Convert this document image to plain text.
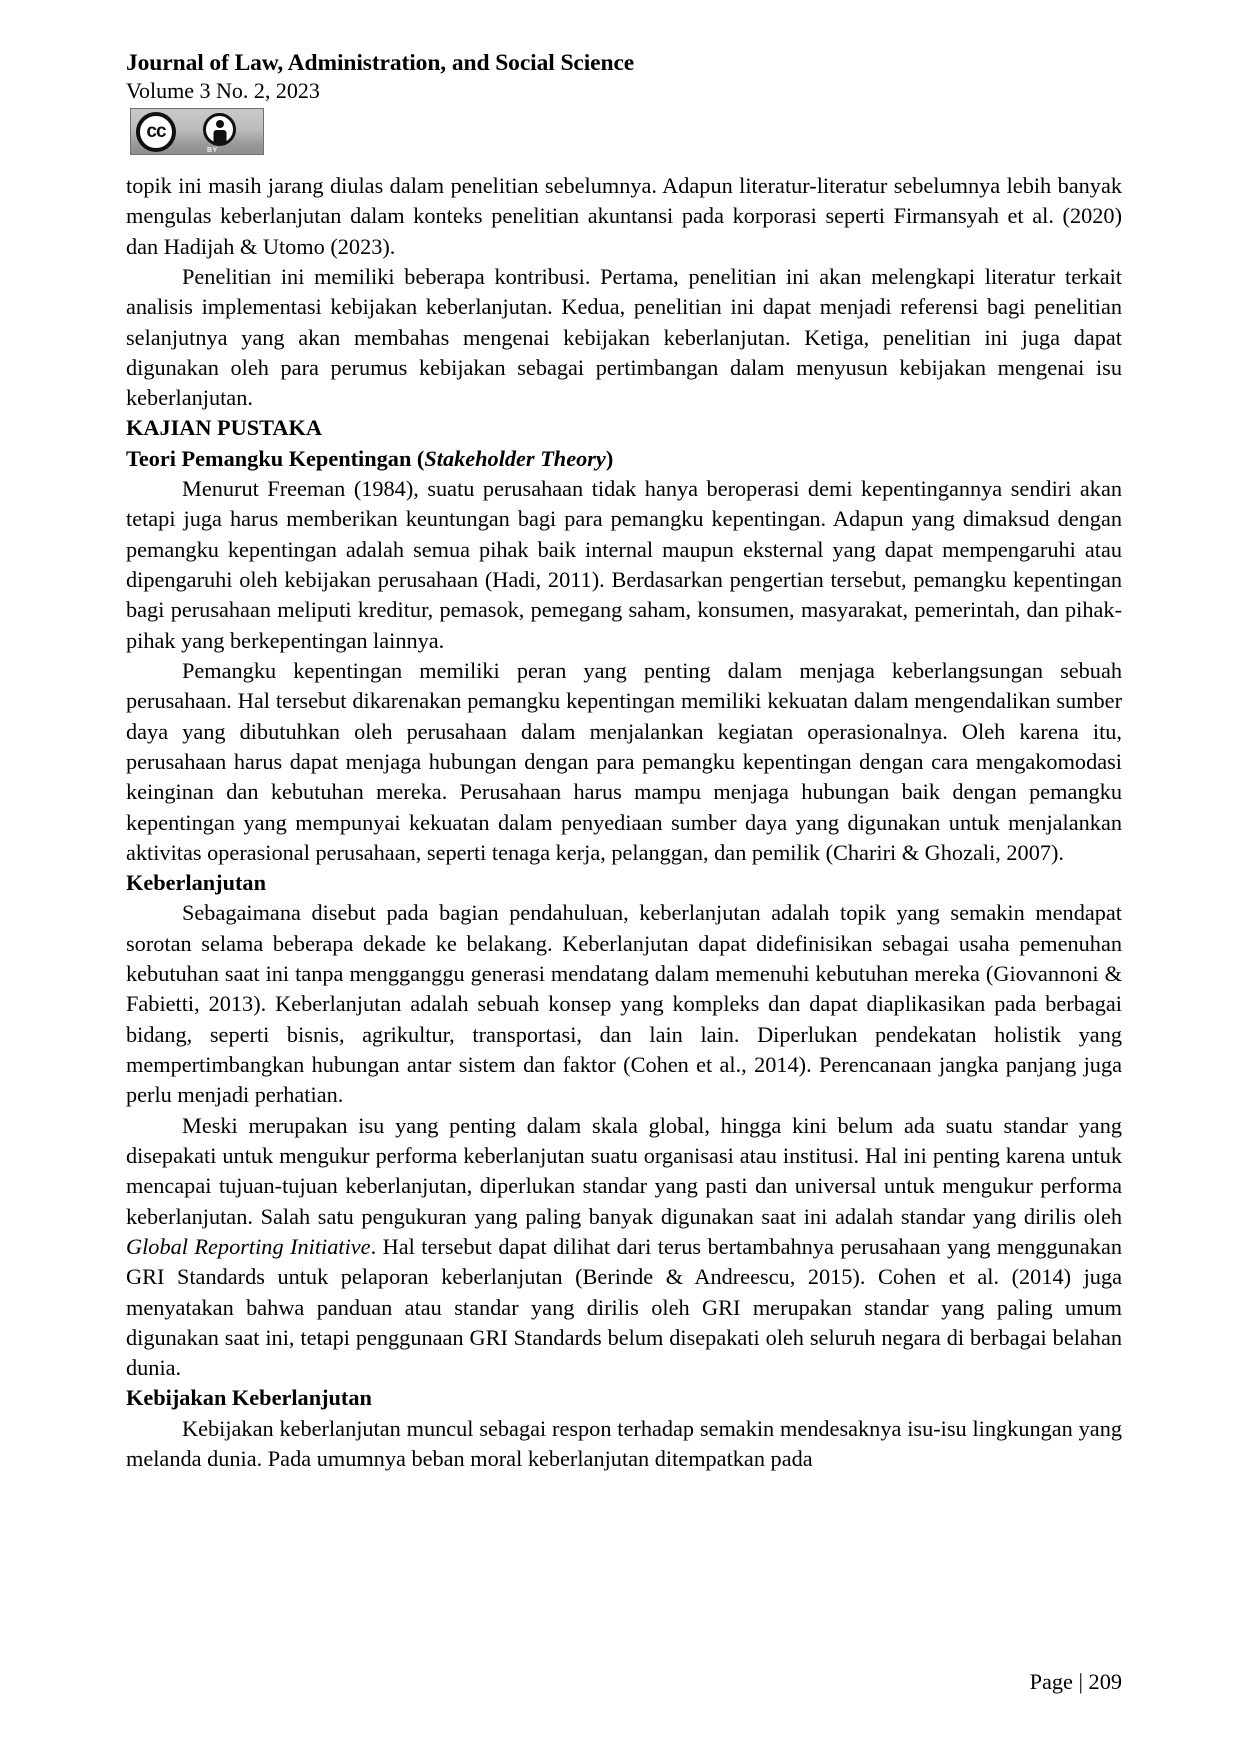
Journal of Law, Administration, and Social Science
Volume 3 No. 2, 2023
cc
BY

topik ini masih jarang diulas dalam penelitian sebelumnya. Adapun literatur-literatur sebelumnya lebih banyak mengulas keberlanjutan dalam konteks penelitian akuntansi pada korporasi seperti Firmansyah et al. (2020) dan Hadijah & Utomo (2023).

Penelitian ini memiliki beberapa kontribusi. Pertama, penelitian ini akan melengkapi literatur terkait analisis implementasi kebijakan keberlanjutan. Kedua, penelitian ini dapat menjadi referensi bagi penelitian selanjutnya yang akan membahas mengenai kebijakan keberlanjutan. Ketiga, penelitian ini juga dapat digunakan oleh para perumus kebijakan sebagai pertimbangan dalam menyusun kebijakan mengenai isu keberlanjutan.

KAJIAN PUSTAKA
Teori Pemangku Kepentingan (Stakeholder Theory)

Menurut Freeman (1984), suatu perusahaan tidak hanya beroperasi demi kepentingannya sendiri akan tetapi juga harus memberikan keuntungan bagi para pemangku kepentingan. Adapun yang dimaksud dengan pemangku kepentingan adalah semua pihak baik internal maupun eksternal yang dapat mempengaruhi atau dipengaruhi oleh kebijakan perusahaan (Hadi, 2011). Berdasarkan pengertian tersebut, pemangku kepentingan bagi perusahaan meliputi kreditur, pemasok, pemegang saham, konsumen, masyarakat, pemerintah, dan pihak-pihak yang berkepentingan lainnya.

Pemangku kepentingan memiliki peran yang penting dalam menjaga keberlangsungan sebuah perusahaan. Hal tersebut dikarenakan pemangku kepentingan memiliki kekuatan dalam mengendalikan sumber daya yang dibutuhkan oleh perusahaan dalam menjalankan kegiatan operasionalnya. Oleh karena itu, perusahaan harus dapat menjaga hubungan dengan para pemangku kepentingan dengan cara mengakomodasi keinginan dan kebutuhan mereka. Perusahaan harus mampu menjaga hubungan baik dengan pemangku kepentingan yang mempunyai kekuatan dalam penyediaan sumber daya yang digunakan untuk menjalankan aktivitas operasional perusahaan, seperti tenaga kerja, pelanggan, dan pemilik (Chariri & Ghozali, 2007).

Keberlanjutan

Sebagaimana disebut pada bagian pendahuluan, keberlanjutan adalah topik yang semakin mendapat sorotan selama beberapa dekade ke belakang. Keberlanjutan dapat didefinisikan sebagai usaha pemenuhan kebutuhan saat ini tanpa mengganggu generasi mendatang dalam memenuhi kebutuhan mereka (Giovannoni & Fabietti, 2013). Keberlanjutan adalah sebuah konsep yang kompleks dan dapat diaplikasikan pada berbagai bidang, seperti bisnis, agrikultur, transportasi, dan lain lain. Diperlukan pendekatan holistik yang mempertimbangkan hubungan antar sistem dan faktor (Cohen et al., 2014). Perencanaan jangka panjang juga perlu menjadi perhatian.

Meski merupakan isu yang penting dalam skala global, hingga kini belum ada suatu standar yang disepakati untuk mengukur performa keberlanjutan suatu organisasi atau institusi. Hal ini penting karena untuk mencapai tujuan-tujuan keberlanjutan, diperlukan standar yang pasti dan universal untuk mengukur performa keberlanjutan. Salah satu pengukuran yang paling banyak digunakan saat ini adalah standar yang dirilis oleh Global Reporting Initiative. Hal tersebut dapat dilihat dari terus bertambahnya perusahaan yang menggunakan GRI Standards untuk pelaporan keberlanjutan (Berinde & Andreescu, 2015). Cohen et al. (2014) juga menyatakan bahwa panduan atau standar yang dirilis oleh GRI merupakan standar yang paling umum digunakan saat ini, tetapi penggunaan GRI Standards belum disepakati oleh seluruh negara di berbagai belahan dunia.

Kebijakan Keberlanjutan

Kebijakan keberlanjutan muncul sebagai respon terhadap semakin mendesaknya isu-isu lingkungan yang melanda dunia. Pada umumnya beban moral keberlanjutan ditempatkan pada

Page | 209
